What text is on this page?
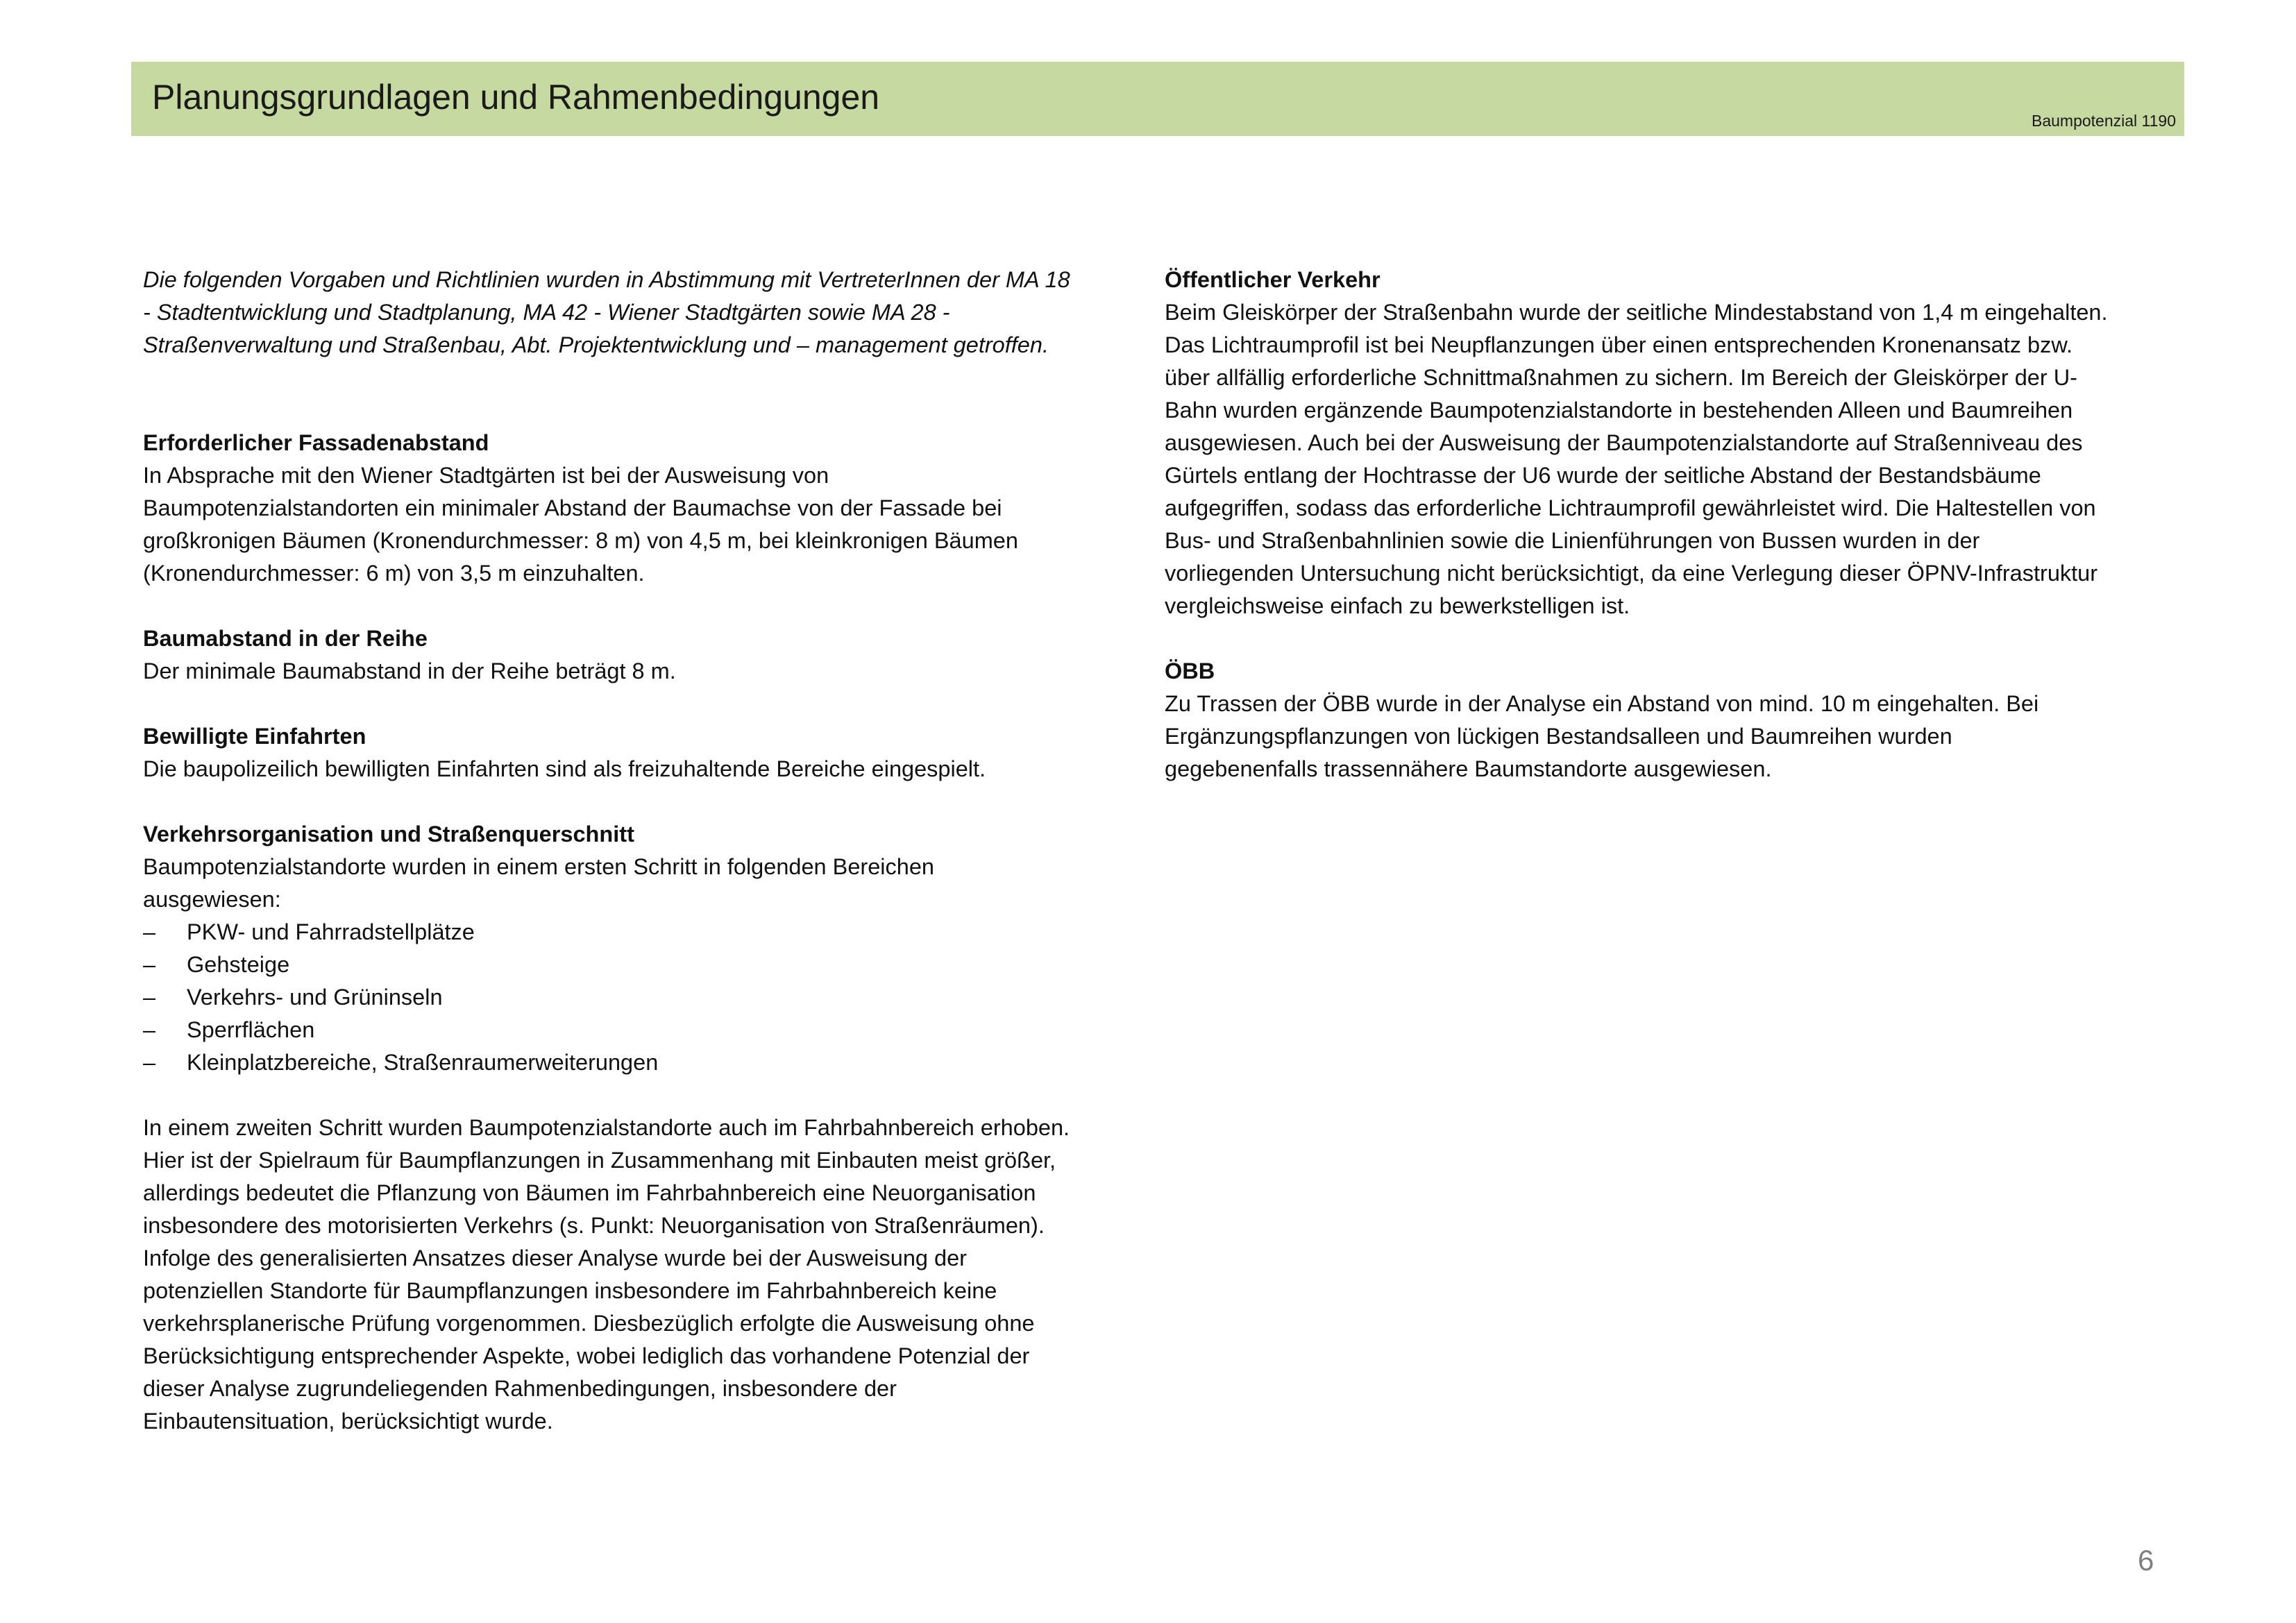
Planungsgrundlagen und Rahmenbedingungen
Baumpotenzial 1190

Die folgenden Vorgaben und Richtlinien wurden in Abstimmung mit VertreterInnen der MA 18 - Stadtentwicklung und Stadtplanung, MA 42 - Wiener Stadtgärten sowie MA 28 - Straßenverwaltung und Straßenbau, Abt. Projektentwicklung und – management getroffen.

Erforderlicher Fassadenabstand

In Absprache mit den Wiener Stadtgärten ist bei der Ausweisung von Baumpotenzialstandorten ein minimaler Abstand der Baumachse von der Fassade bei großkronigen Bäumen (Kronendurchmesser: 8 m) von 4,5 m, bei kleinkronigen Bäumen (Kronendurchmesser: 6 m) von 3,5 m einzuhalten.

Baumabstand in der Reihe

Der minimale Baumabstand in der Reihe beträgt 8 m.

Bewilligte Einfahrten

Die baupolizeilich bewilligten Einfahrten sind als freizuhaltende Bereiche eingespielt.

Verkehrsorganisation und Straßenquerschnitt

Baumpotenzialstandorte wurden in einem ersten Schritt in folgenden Bereichen ausgewiesen:

– PKW- und Fahrradstellplätze
– Gehsteige
– Verkehrs- und Grüninseln
– Sperrflächen
– Kleinplatzbereiche, Straßenraumerweiterungen

In einem zweiten Schritt wurden Baumpotenzialstandorte auch im Fahrbahnbereich erhoben. Hier ist der Spielraum für Baumpflanzungen in Zusammenhang mit Einbauten meist größer, allerdings bedeutet die Pflanzung von Bäumen im Fahrbahnbereich eine Neuorganisation insbesondere des motorisierten Verkehrs (s. Punkt: Neuorganisation von Straßenräumen). Infolge des generalisierten Ansatzes dieser Analyse wurde bei der Ausweisung der potenziellen Standorte für Baumpflanzungen insbesondere im Fahrbahnbereich keine verkehrsplanerische Prüfung vorgenommen. Diesbezüglich erfolgte die Ausweisung ohne Berücksichtigung entsprechender Aspekte, wobei lediglich das vorhandene Potenzial der dieser Analyse zugrundeliegenden Rahmenbedingungen, insbesondere der Einbautensituation, berücksichtigt wurde.

Öffentlicher Verkehr

Beim Gleiskörper der Straßenbahn wurde der seitliche Mindestabstand von 1,4 m eingehalten. Das Lichtraumprofil ist bei Neupflanzungen über einen entsprechenden Kronenansatz bzw. über allfällig erforderliche Schnittmaßnahmen zu sichern. Im Bereich der Gleiskörper der U-Bahn wurden ergänzende Baumpotenzialstandorte in bestehenden Alleen und Baumreihen ausgewiesen. Auch bei der Ausweisung der Baumpotenzialstandorte auf Straßenniveau des Gürtels entlang der Hochtrasse der U6 wurde der seitliche Abstand der Bestandsbäume aufgegriffen, sodass das erforderliche Lichtraumprofil gewährleistet wird. Die Haltestellen von Bus- und Straßenbahnlinien sowie die Linienführungen von Bussen wurden in der vorliegenden Untersuchung nicht berücksichtigt, da eine Verlegung dieser ÖPNV-Infrastruktur vergleichsweise einfach zu bewerkstelligen ist.

ÖBB

Zu Trassen der ÖBB wurde in der Analyse ein Abstand von mind. 10 m eingehalten. Bei Ergänzungspflanzungen von lückigen Bestandsalleen und Baumreihen wurden gegebenenfalls trassennähere Baumstandorte ausgewiesen.

6
